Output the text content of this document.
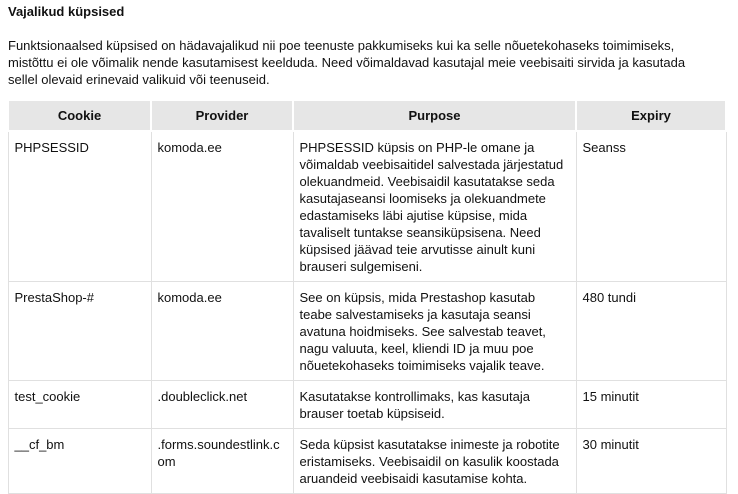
Vajalikud küpsised

Funktsionaalsed küpsised on hädavajalikud nii poe teenuste pakkumiseks kui ka selle nõuetekohaseks toimimiseks, mistõttu ei ole võimalik nende kasutamisest keelduda. Need võimaldavad kasutajal meie veebisaiti sirvida ja kasutada sellel olevaid erinevaid valikuid või teenuseid.

Cookie	Provider	Purpose	Expiry
PHPSESSID	komoda.ee	PHPSESSID küpsis on PHP-le omane ja võimaldab veebisaitidel salvestada järjestatud olekuandmeid. Veebisaidil kasutatakse seda kasutajaseansi loomiseks ja olekuandmete edastamiseks läbi ajutise küpsise, mida tavaliselt tuntakse seansiküpsisena. Need küpsised jäävad teie arvutisse ainult kuni brauseri sulgemiseni.	Seanss
PrestaShop-#	komoda.ee	See on küpsis, mida Prestashop kasutab teabe salvestamiseks ja kasutaja seansi avatuna hoidmiseks. See salvestab teavet, nagu valuuta, keel, kliendi ID ja muu poe nõuetekohaseks toimimiseks vajalik teave.	480 tundi
test_cookie	.doubleclick.net	Kasutatakse kontrollimaks, kas kasutaja brauser toetab küpsiseid.	15 minutit
__cf_bm	.forms.soundestlink.com	Seda küpsist kasutatakse inimeste ja robotite eristamiseks. Veebisaidil on kasulik koostada aruandeid veebisaidi kasutamise kohta.	30 minutit
